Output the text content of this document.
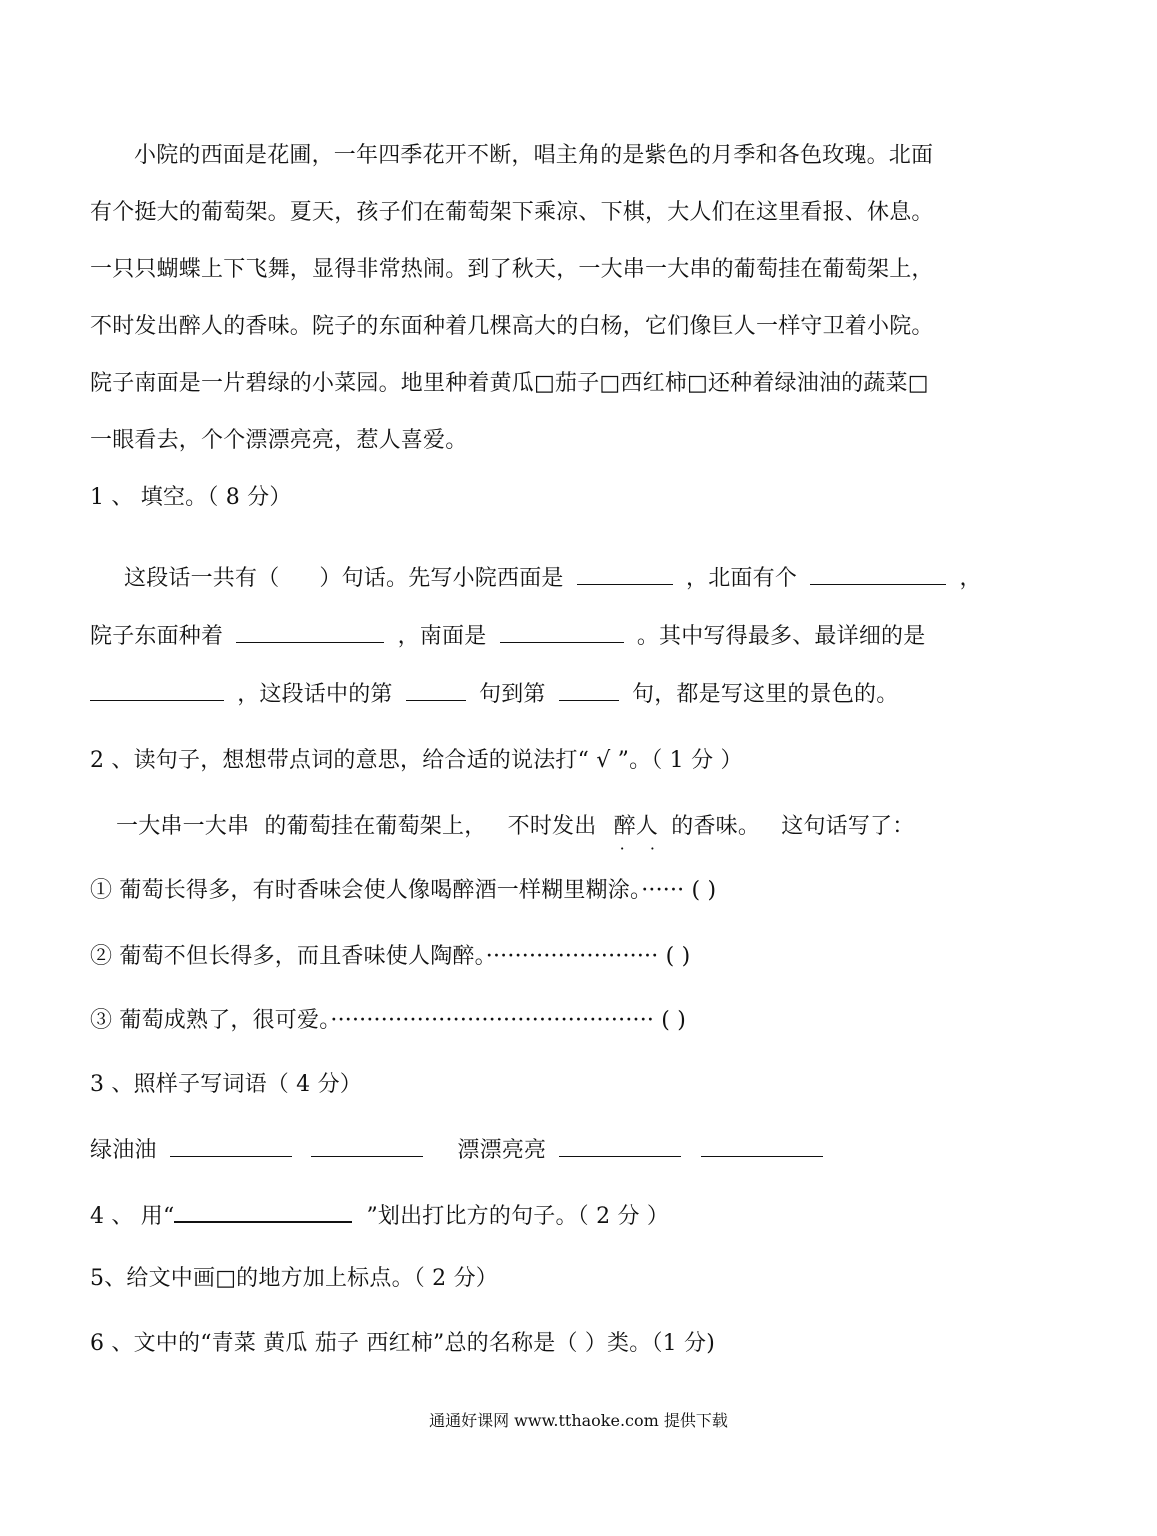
小院的西面是花圃，一年四季花开不断，唱主角的是紫色的月季和各色玫瑰。北面
有个挺大的葡萄架。夏天，孩子们在葡萄架下乘凉、下棋，大人们在这里看报、休息。
一只只蝴蝶上下飞舞，显得非常热闹。到了秋天，一大串一大串的葡萄挂在葡萄架上，
不时发出醉人的香味。院子的东面种着几棵高大的白杨，它们像巨人一样守卫着小院。
院子南面是一片碧绿的小菜园。地里种着黄瓜□茄子□西红柿□还种着绿油油的蔬菜□
一眼看去，个个漂漂亮亮，惹人喜爱。
1 、 填空。（ 8 分）
这段话一共有（ ）句话。先写小院西面是	，北面有个	，
院子东面种着	，南面是	。其中写得最多、最详细的是
，这段话中的第	句到第	句，都是写这里的景色的。
2 、读句子，想想带点词的意思，给合适的说法打“ √ ”。（ 1 分 ）
一大串一大串 的葡萄挂在葡萄架上， 不时发出 醉人 · · 的香味。 这句话写了：
① 葡萄长得多，有时香味会使人像喝醉酒一样糊里糊涂。······ ( )
② 葡萄不但长得多，而且香味使人陶醉。························ ( )
③ 葡萄成熟了，很可爱。············································· ( )
3 、照样子写词语（ 4 分）
绿油油	漂漂亮亮
4 、 用“	”划出打比方的句子。（ 2 分 ）
5、给文中画□的地方加上标点。（ 2 分）
6 、文中的“青菜 黄瓜 茄子 西红柿”总的名称是（ ）类。（1 分)
通通好课网 www.tthaoke.com 提供下载
